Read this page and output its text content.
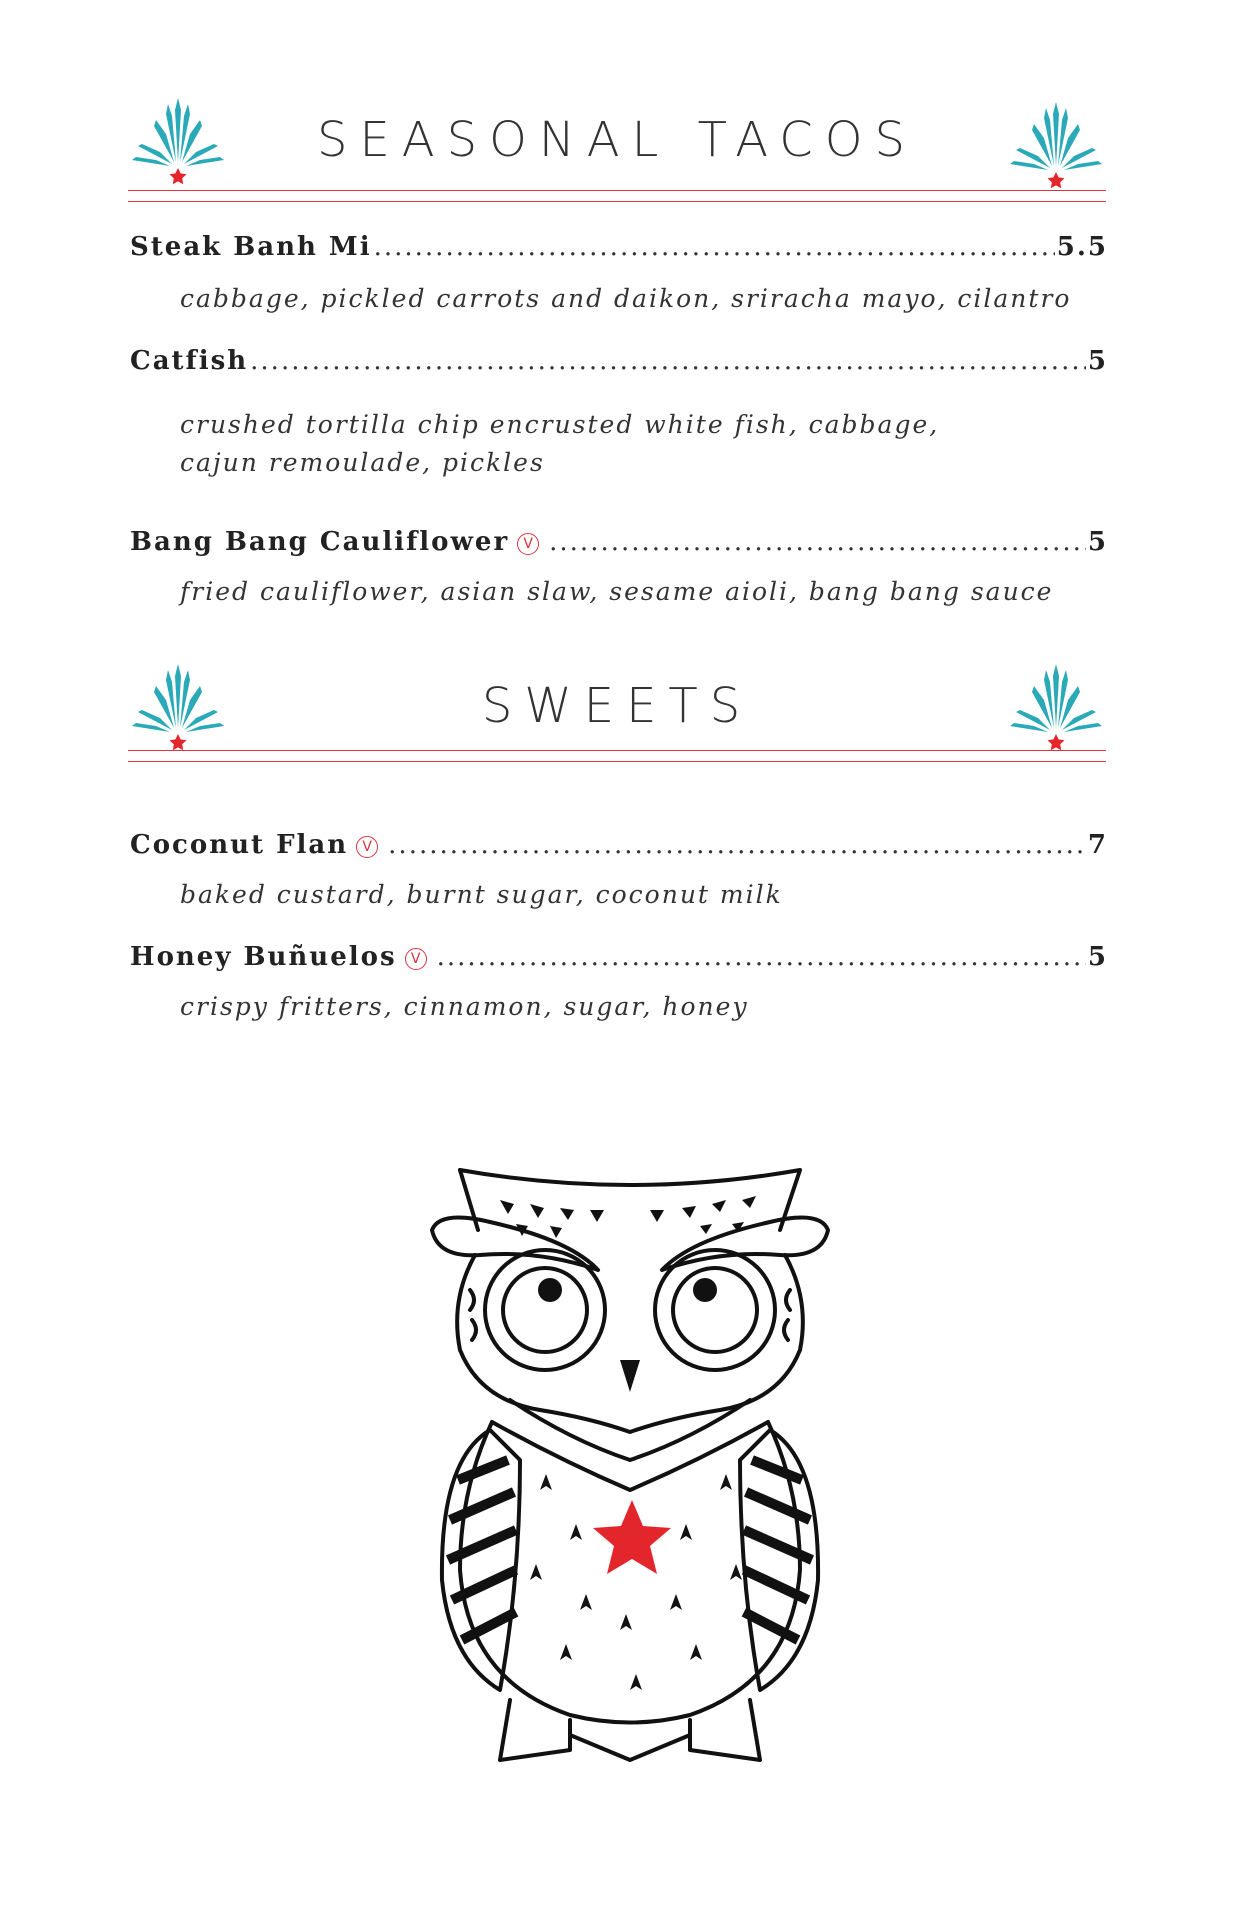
SEASONAL TACOS
Steak Banh Mi .....	5.5
cabbage, pickled carrots and daikon, sriracha mayo, cilantro
Catfish .....	5
crushed tortilla chip encrusted white fish, cabbage,
cajun remoulade, pickles
Bang Bang Cauliflower	V .....	5
fried cauliflower, asian slaw, sesame aioli, bang bang sauce
SWEETS
Coconut Flan	V .....	7
baked custard, burnt sugar, coconut milk
Honey Buñuelos	V .....	5
crispy fritters, cinnamon, sugar, honey
